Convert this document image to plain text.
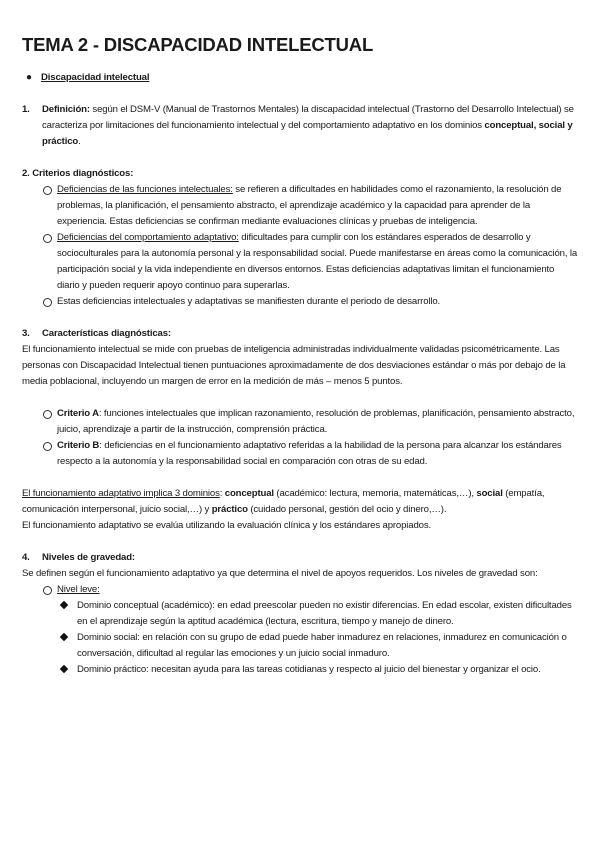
TEMA 2 - DISCAPACIDAD INTELECTUAL
● Discapacidad intelectual
1.	Definición: según el DSM-V (Manual de Trastornos Mentales) la discapacidad intelectual (Trastorno del Desarrollo Intelectual) se caracteriza por limitaciones del funcionamiento intelectual y del comportamiento adaptativo en los dominios conceptual, social y práctico.

2. Criterios diagnósticos:

Deficiencias de las funciones intelectuales: se refieren a dificultades en habilidades como el razonamiento, la resolución de problemas, la planificación, el pensamiento abstracto, el aprendizaje académico y la capacidad para aprender de la experiencia. Estas deficiencias se confirman mediante evaluaciones clínicas y pruebas de inteligencia.

Deficiencias del comportamiento adaptativo: dificultades para cumplir con los estándares esperados de desarrollo y socioculturales para la autonomía personal y la responsabilidad social. Puede manifestarse en áreas como la comunicación, la participación social y la vida independiente en diversos entornos. Estas deficiencias adaptativas limitan el funcionamiento diario y pueden requerir apoyo continuo para superarlas.

Estas deficiencias intelectuales y adaptativas se manifiesten durante el periodo de desarrollo.

3.	Características diagnósticas:

El funcionamiento intelectual se mide con pruebas de inteligencia administradas individualmente validadas psicométricamente. Las personas con Discapacidad Intelectual tienen puntuaciones aproximadamente de dos desviaciones estándar o más por debajo de la media poblacional, incluyendo un margen de error en la medición de más – menos 5 puntos.

Criterio A: funciones intelectuales que implican razonamiento, resolución de problemas, planificación, pensamiento abstracto, juicio, aprendizaje a partir de la instrucción, comprensión práctica.

Criterio B: deficiencias en el funcionamiento adaptativo referidas a la habilidad de la persona para alcanzar los estándares respecto a la autonomía y la responsabilidad social en comparación con otras de su edad.

El funcionamiento adaptativo implica 3 dominios: conceptual (académico: lectura, memoria, matemáticas,…), social (empatía, comunicación interpersonal, juicio social,…) y práctico (cuidado personal, gestión del ocio y dinero,…).

El funcionamiento adaptativo se evalúa utilizando la evaluación clínica y los estándares apropiados.

4.	Niveles de gravedad:

Se definen según el funcionamiento adaptativo ya que determina el nivel de apoyos requeridos. Los niveles de gravedad son:

Nivel leve:

Dominio conceptual (académico): en edad preescolar pueden no existir diferencias. En edad escolar, existen dificultades en el aprendizaje según la aptitud académica (lectura, escritura, tiempo y manejo de dinero.

Dominio social: en relación con su grupo de edad puede haber inmadurez en relaciones, inmadurez en comunicación o conversación, dificultad al regular las emociones y un juicio social inmaduro.

Dominio práctico: necesitan ayuda para las tareas cotidianas y respecto al juicio del bienestar y organizar el ocio.
